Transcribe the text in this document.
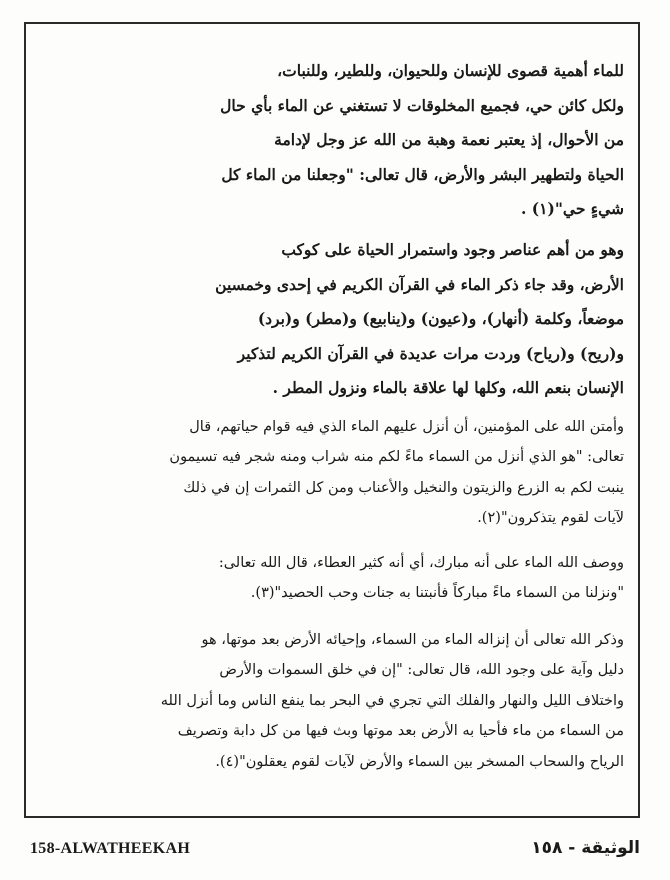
للماء أهمية قصوى للإنسان وللحيوان، وللطير، وللنبات،
ولكل كائن حي، فجميع المخلوقات لا تستغني عن الماء بأي حال
من الأحوال، إذ يعتبر نعمة وهبة من الله عز وجل لإدامة
الحياة ولتطهير البشر والأرض، قال تعالى: "وجعلنا من الماء كل
شيءٍ حي"(١) .
وهو من أهم عناصر وجود واستمرار الحياة على كوكب
الأرض، وقد جاء ذكر الماء في القرآن الكريم في إحدى وخمسين
موضعاً، وكلمة (أنهار)، و(عيون) و(ينابيع) و(مطر) و(برد)
و(ريح) و(رياح) وردت مرات عديدة في القرآن الكريم لتذكير
الإنسان بنعم الله، وكلها لها علاقة بالماء ونزول المطر .
وأمتن الله على المؤمنين، أن أنزل عليهم الماء الذي فيه قوام حياتهم، قال
تعالى: "هو الذي أنزل من السماء ماءً لكم منه شراب ومنه شجر فيه تسيمون
ينبت لكم به الزرع والزيتون والنخيل والأعناب ومن كل الثمرات إن في ذلك
لآيات لقوم يتذكرون"(٢).
ووصف الله الماء على أنه مبارك، أي أنه كثير العطاء، قال الله تعالى:
"ونزلنا من السماء ماءً مباركاً فأنبتنا به جنات وحب الحصيد"(٣).
وذكر الله تعالى أن إنزاله الماء من السماء، وإحيائه الأرض بعد موتها، هو
دليل وآية على وجود الله، قال تعالى: "إن في خلق السموات والأرض
واختلاف الليل والنهار والفلك التي تجري في البحر بما ينفع الناس وما أنزل الله
من السماء من ماء فأحيا به الأرض بعد موتها وبث فيها من كل دابة وتصريف
الرياح والسحاب المسخر بين السماء والأرض لآيات لقوم يعقلون"(٤).
158-ALWATHEEKAH	الوثيقة - ١٥٨
